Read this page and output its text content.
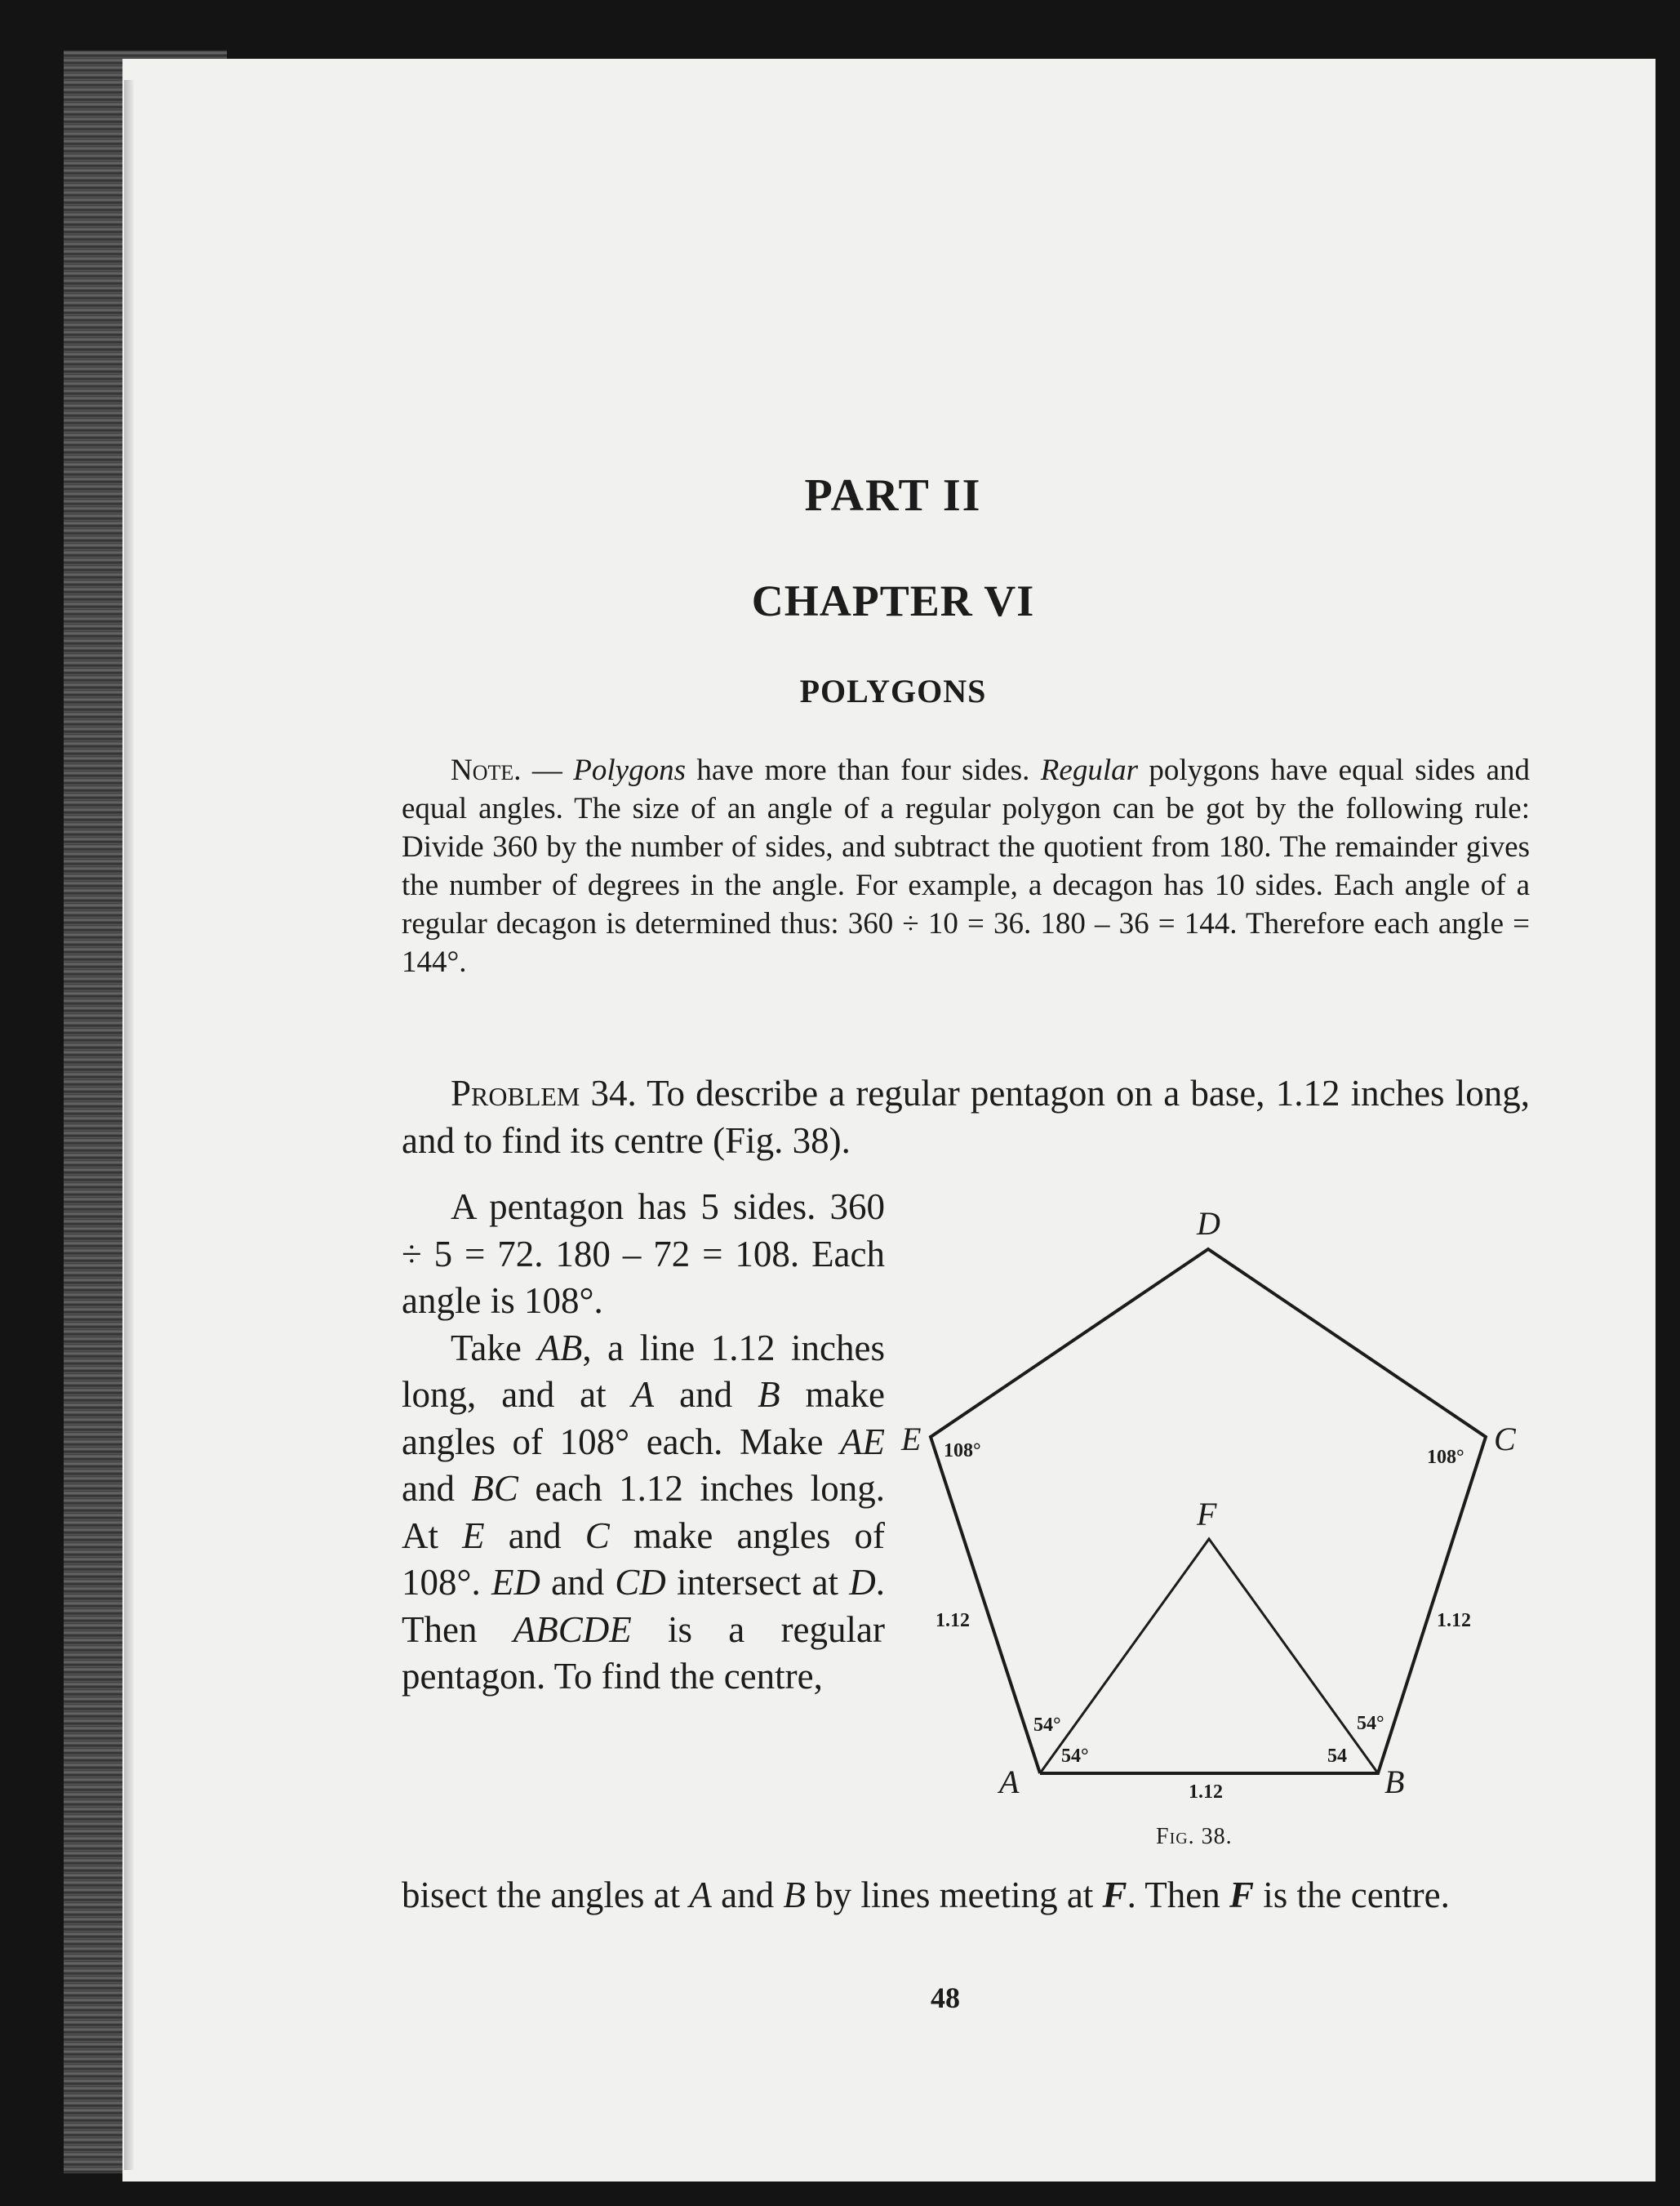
PART II
CHAPTER VI
POLYGONS

Note. — Polygons have more than four sides. Regular polygons have equal sides and equal angles. The size of an angle of a regular polygon can be got by the following rule: Divide 360 by the number of sides, and subtract the quotient from 180. The remainder gives the number of degrees in the angle. For example, a decagon has 10 sides. Each angle of a regular decagon is determined thus: 360 ÷ 10 = 36. 180 – 36 = 144. Therefore each angle = 144°.

Problem 34. To describe a regular pentagon on a base, 1.12 inches long, and to find its centre (Fig. 38).

A pentagon has 5 sides. 360 ÷ 5 = 72. 180 – 72 = 108. Each angle is 108°.

Take AB, a line 1.12 inches long, and at A and B make angles of 108° each. Make AE and BC each 1.12 inches long. At E and C make angles of 108°. ED and CD intersect at D. Then ABCDE is a regular pentagon. To find the centre,

D
E	C
F
A	B
108°	108°
1.12	1.12
1.12
54°
54°
54°
54
Fig. 38.

bisect the angles at A and B by lines meeting at F. Then F is the centre.

48
